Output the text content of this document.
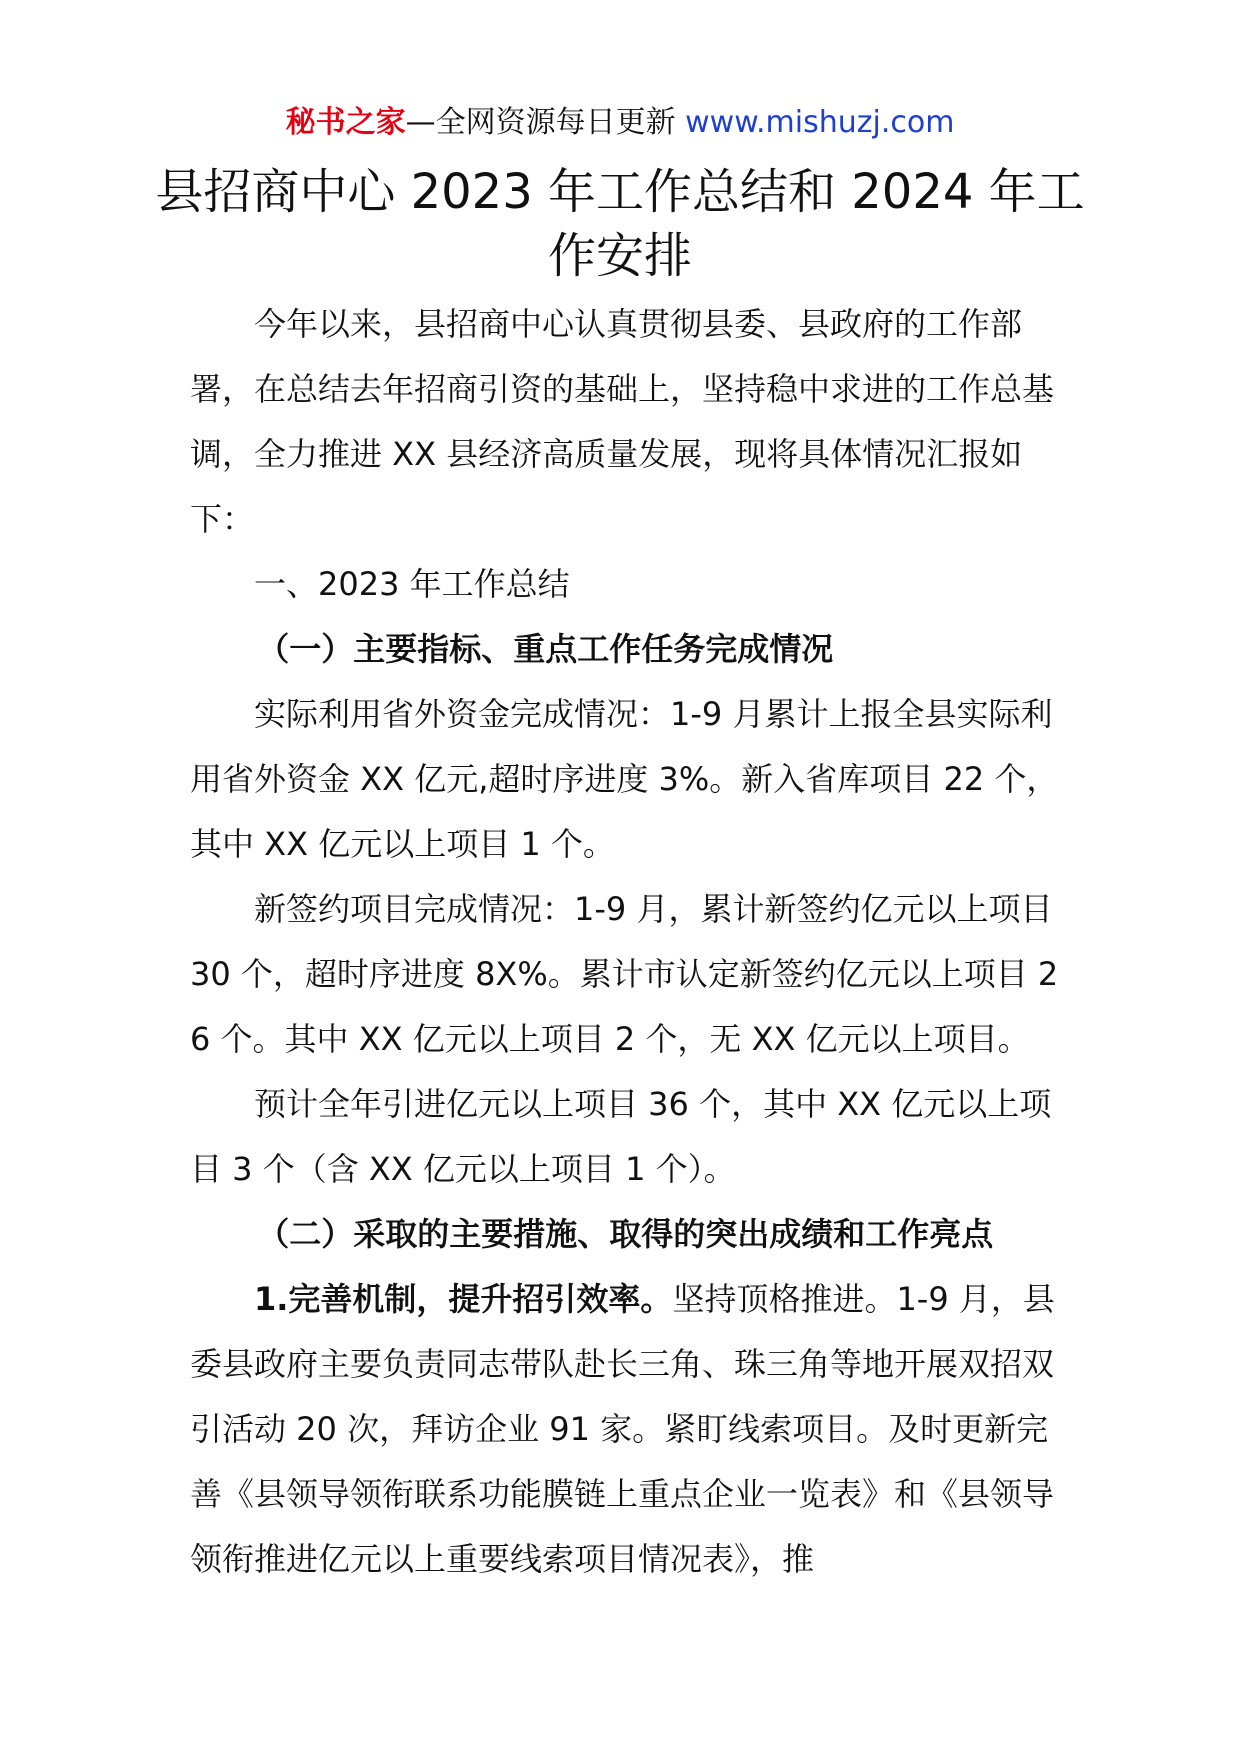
秘书之家—全网资源每日更新 www.mishuzj.com
县招商中心 2023 年工作总结和 2024 年工作安排

今年以来，县招商中心认真贯彻县委、县政府的工作部署，在总结去年招商引资的基础上，坚持稳中求进的工作总基调，全力推进 XX 县经济高质量发展，现将具体情况汇报如下：

一、2023 年工作总结

（一）主要指标、重点工作任务完成情况

实际利用省外资金完成情况：1-9 月累计上报全县实际利用省外资金 XX 亿元,超时序进度 3%。新入省库项目 22 个，其中 XX 亿元以上项目 1 个。

新签约项目完成情况：1-9 月，累计新签约亿元以上项目 30 个，超时序进度 8X%。累计市认定新签约亿元以上项目 26 个。其中 XX 亿元以上项目 2 个，无 XX 亿元以上项目。

预计全年引进亿元以上项目 36 个，其中 XX 亿元以上项目 3 个（含 XX 亿元以上项目 1 个）。

（二）采取的主要措施、取得的突出成绩和工作亮点

1.完善机制，提升招引效率。坚持顶格推进。1-9 月，县委县政府主要负责同志带队赴长三角、珠三角等地开展双招双引活动 20 次，拜访企业 91 家。紧盯线索项目。及时更新完善《县领导领衔联系功能膜链上重点企业一览表》和《县领导领衔推进亿元以上重要线索项目情况表》，推
